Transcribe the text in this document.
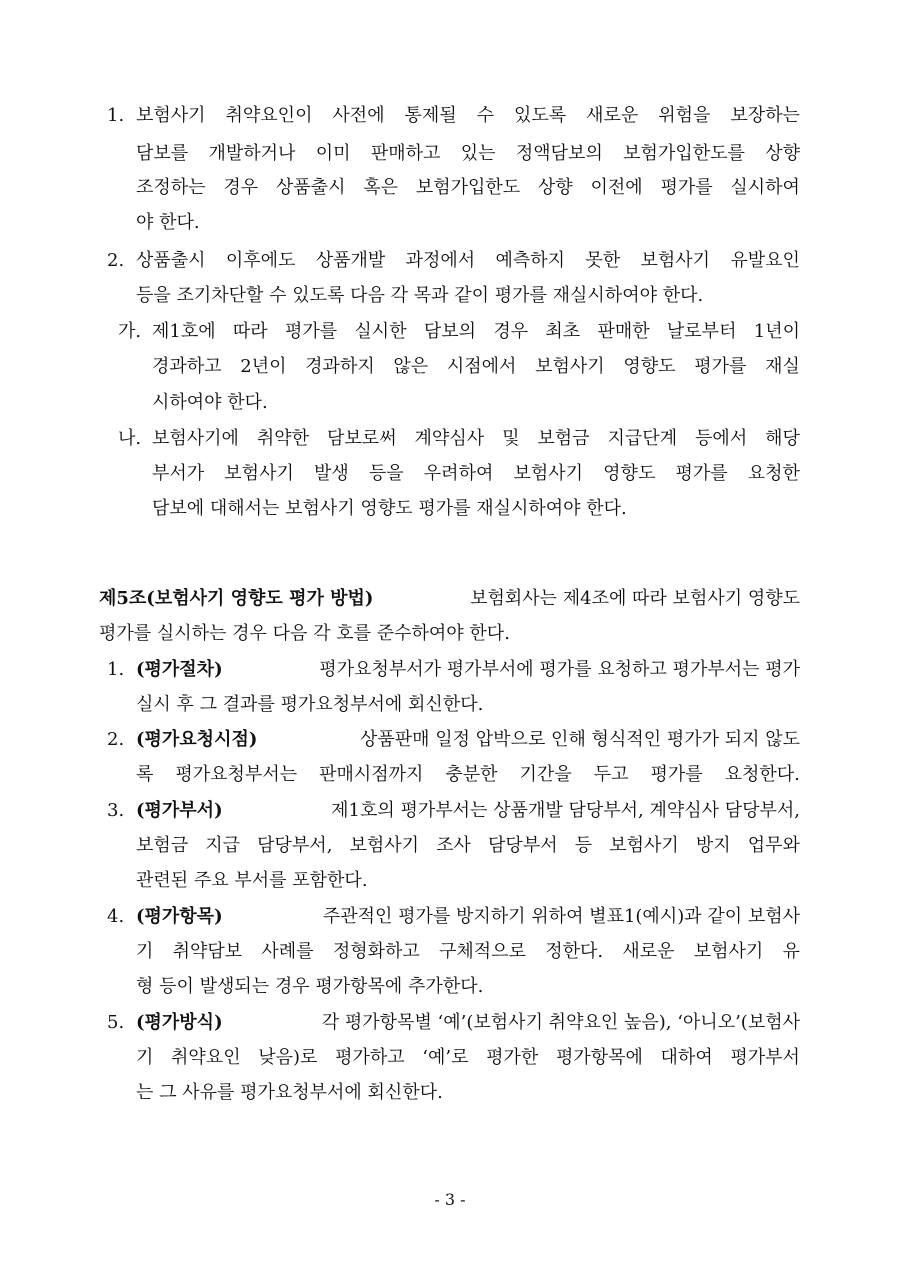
1. 보험사기 취약요인이 사전에 통제될 수 있도록 새로운 위험을 보장하는
담보를 개발하거나 이미 판매하고 있는 정액담보의 보험가입한도를 상향
조정하는 경우 상품출시 혹은 보험가입한도 상향 이전에 평가를 실시하여
야 한다.
2. 상품출시 이후에도 상품개발 과정에서 예측하지 못한 보험사기 유발요인
등을 조기차단할 수 있도록 다음 각 목과 같이 평가를 재실시하여야 한다.
가. 제1호에 따라 평가를 실시한 담보의 경우 최초 판매한 날로부터 1년이
경과하고 2년이 경과하지 않은 시점에서 보험사기 영향도 평가를 재실
시하여야 한다.
나. 보험사기에 취약한 담보로써 계약심사 및 보험금 지급단계 등에서 해당
부서가 보험사기 발생 등을 우려하여 보험사기 영향도 평가를 요청한
담보에 대해서는 보험사기 영향도 평가를 재실시하여야 한다.
제5조(보험사기 영향도 평가 방법)	보험회사는 제4조에 따라 보험사기 영향도
평가를 실시하는 경우 다음 각 호를 준수하여야 한다.
1. (평가절차)	평가요청부서가 평가부서에 평가를 요청하고 평가부서는 평가
실시 후 그 결과를 평가요청부서에 회신한다.
2. (평가요청시점)	상품판매 일정 압박으로 인해 형식적인 평가가 되지 않도
록 평가요청부서는 판매시점까지 충분한 기간을 두고 평가를 요청한다.
3. (평가부서)	제1호의 평가부서는 상품개발 담당부서, 계약심사 담당부서,
보험금 지급 담당부서, 보험사기 조사 담당부서 등 보험사기 방지 업무와
관련된 주요 부서를 포함한다.
4. (평가항목)	주관적인 평가를 방지하기 위하여 별표1(예시)과 같이 보험사
기 취약담보 사례를 정형화하고 구체적으로 정한다. 새로운 보험사기 유
형 등이 발생되는 경우 평가항목에 추가한다.
5. (평가방식)	각 평가항목별 ‘예’(보험사기 취약요인 높음), ‘아니오’(보험사
기 취약요인 낮음)로 평가하고 ‘예’로 평가한 평가항목에 대하여 평가부서
는 그 사유를 평가요청부서에 회신한다.
- 3 -
